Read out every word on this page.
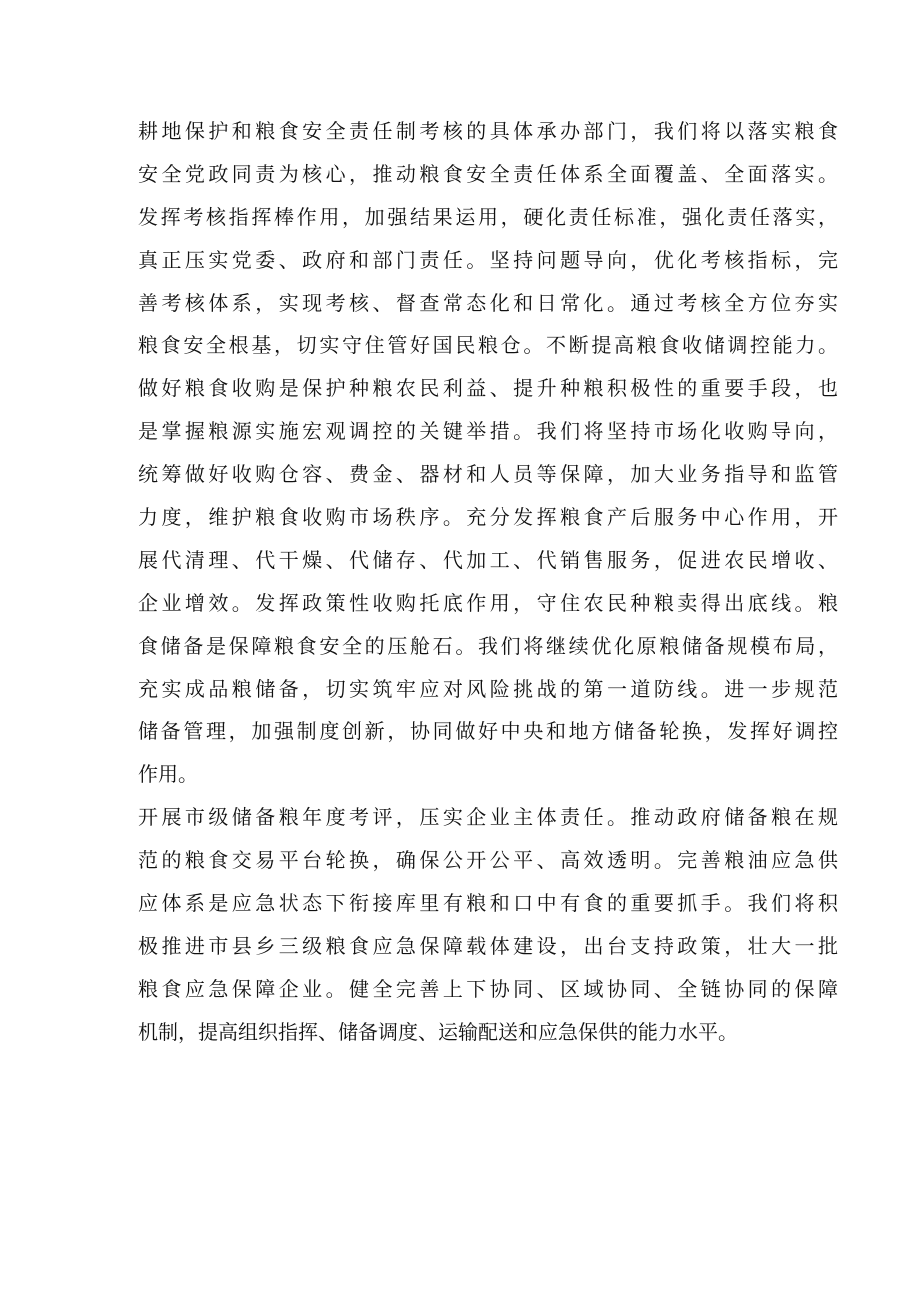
耕地保护和粮食安全责任制考核的具体承办部门，我们将以落实粮食
安全党政同责为核心，推动粮食安全责任体系全面覆盖、全面落实。
发挥考核指挥棒作用，加强结果运用，硬化责任标准，强化责任落实，
真正压实党委、政府和部门责任。坚持问题导向，优化考核指标，完
善考核体系，实现考核、督查常态化和日常化。通过考核全方位夯实
粮食安全根基，切实守住管好国民粮仓。不断提高粮食收储调控能力。
做好粮食收购是保护种粮农民利益、提升种粮积极性的重要手段，也
是掌握粮源实施宏观调控的关键举措。我们将坚持市场化收购导向，
统筹做好收购仓容、费金、器材和人员等保障，加大业务指导和监管
力度，维护粮食收购市场秩序。充分发挥粮食产后服务中心作用，开
展代清理、代干燥、代储存、代加工、代销售服务，促进农民增收、
企业增效。发挥政策性收购托底作用，守住农民种粮卖得出底线。粮
食储备是保障粮食安全的压舱石。我们将继续优化原粮储备规模布局，
充实成品粮储备，切实筑牢应对风险挑战的第一道防线。进一步规范
储备管理，加强制度创新，协同做好中央和地方储备轮换，发挥好调控
作用。
开展市级储备粮年度考评，压实企业主体责任。推动政府储备粮在规
范的粮食交易平台轮换，确保公开公平、高效透明。完善粮油应急供
应体系是应急状态下衔接库里有粮和口中有食的重要抓手。我们将积
极推进市县乡三级粮食应急保障载体建设，出台支持政策，壮大一批
粮食应急保障企业。健全完善上下协同、区域协同、全链协同的保障
机制，提高组织指挥、储备调度、运输配送和应急保供的能力水平。
